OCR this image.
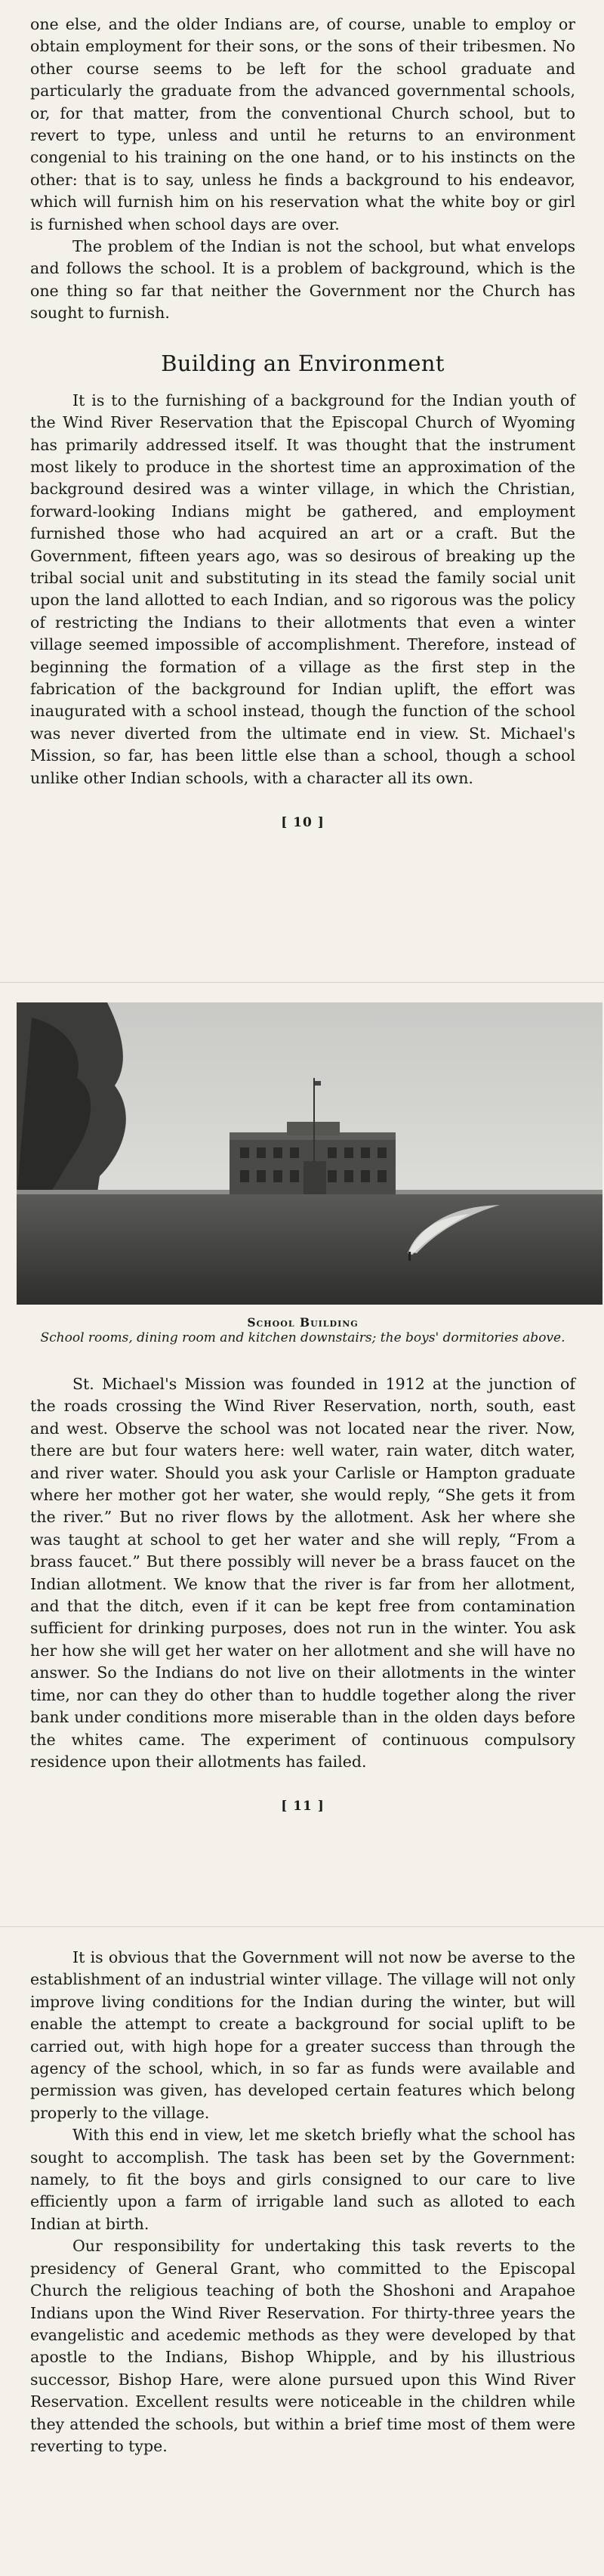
one else, and the older Indians are, of course, unable to employ or obtain employment for their sons, or the sons of their tribesmen. No other course seems to be left for the school graduate and particularly the graduate from the advanced governmental schools, or, for that matter, from the conventional Church school, but to revert to type, unless and until he returns to an environment congenial to his training on the one hand, or to his instincts on the other: that is to say, unless he finds a background to his endeavor, which will furnish him on his reservation what the white boy or girl is furnished when school days are over.

The problem of the Indian is not the school, but what envelops and follows the school. It is a problem of background, which is the one thing so far that neither the Government nor the Church has sought to furnish.

Building an Environment

It is to the furnishing of a background for the Indian youth of the Wind River Reservation that the Episcopal Church of Wyoming has primarily addressed itself. It was thought that the instrument most likely to produce in the shortest time an approximation of the background desired was a winter village, in which the Christian, forward-looking Indians might be gathered, and employment furnished those who had acquired an art or a craft. But the Government, fifteen years ago, was so desirous of breaking up the tribal social unit and substituting in its stead the family social unit upon the land allotted to each Indian, and so rigorous was the policy of restricting the Indians to their allotments that even a winter village seemed impossible of accomplishment. Therefore, instead of beginning the formation of a village as the first step in the fabrication of the background for Indian uplift, the effort was inaugurated with a school instead, though the function of the school was never diverted from the ultimate end in view. St. Michael's Mission, so far, has been little else than a school, though a school unlike other Indian schools, with a character all its own.

[ 10 ]
School Building
School rooms, dining room and kitchen downstairs; the boys' dormitories above.

St. Michael's Mission was founded in 1912 at the junction of the roads crossing the Wind River Reservation, north, south, east and west. Observe the school was not located near the river. Now, there are but four waters here: well water, rain water, ditch water, and river water. Should you ask your Carlisle or Hampton graduate where her mother got her water, she would reply, “She gets it from the river.” But no river flows by the allotment. Ask her where she was taught at school to get her water and she will reply, “From a brass faucet.” But there possibly will never be a brass faucet on the Indian allotment. We know that the river is far from her allotment, and that the ditch, even if it can be kept free from contamination sufficient for drinking purposes, does not run in the winter. You ask her how she will get her water on her allotment and she will have no answer. So the Indians do not live on their allotments in the winter time, nor can they do other than to huddle together along the river bank under conditions more miserable than in the olden days before the whites came. The experiment of continuous compulsory residence upon their allotments has failed.

[ 11 ]

It is obvious that the Government will not now be averse to the establishment of an industrial winter village. The village will not only improve living conditions for the Indian during the winter, but will enable the attempt to create a background for social uplift to be carried out, with high hope for a greater success than through the agency of the school, which, in so far as funds were available and permission was given, has developed certain features which belong properly to the village.

With this end in view, let me sketch briefly what the school has sought to accomplish. The task has been set by the Government: namely, to fit the boys and girls consigned to our care to live efficiently upon a farm of irrigable land such as alloted to each Indian at birth.

Our responsibility for undertaking this task reverts to the presidency of General Grant, who committed to the Episcopal Church the religious teaching of both the Shoshoni and Arapahoe Indians upon the Wind River Reservation. For thirty-three years the evangelistic and acedemic methods as they were developed by that apostle to the Indians, Bishop Whipple, and by his illustrious successor, Bishop Hare, were alone pursued upon this Wind River Reservation. Excellent results were noticeable in the children while they attended the schools, but within a brief time most of them were reverting to type.
